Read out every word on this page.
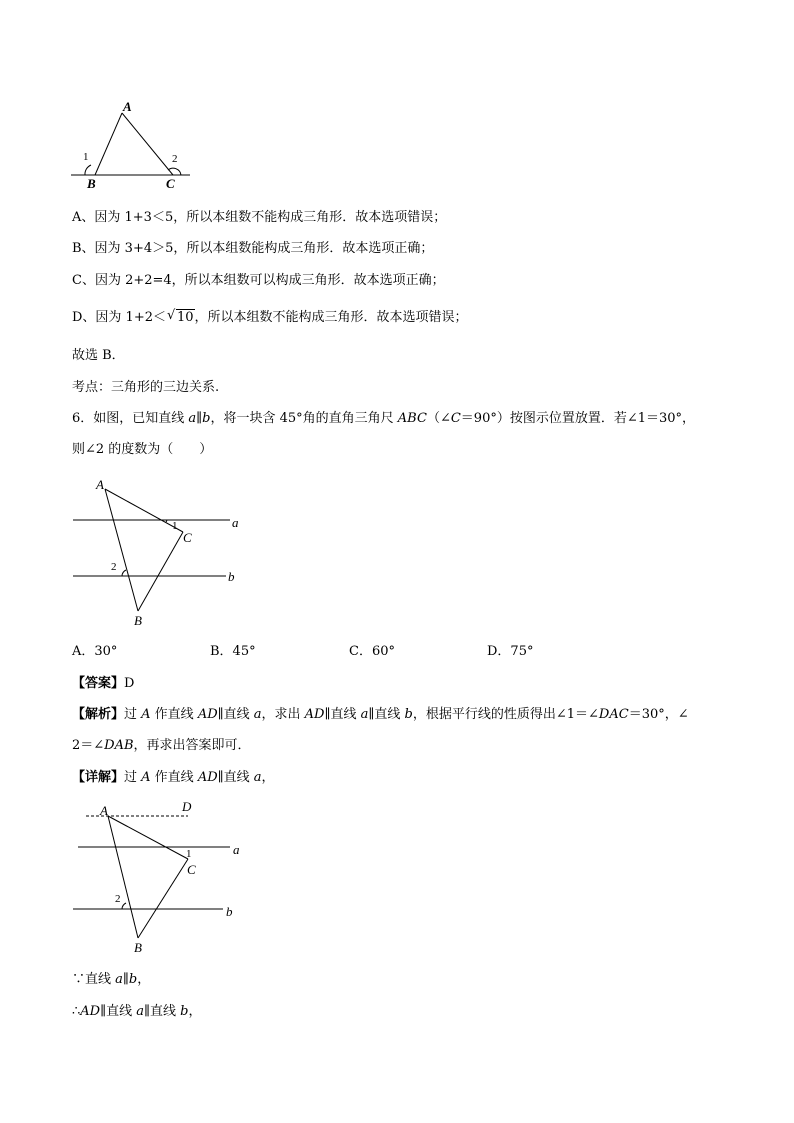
A
B	C
1	2
A、因为 1+3＜5，所以本组数不能构成三角形．故本选项错误；
B、因为 3+4＞5，所以本组数能构成三角形．故本选项正确；
C、因为 2+2=4，所以本组数可以构成三角形．故本选项正确；
D、因为 1+2＜ √ 10，所以本组数不能构成三角形．故本选项错误；
故选 B．
考点：三角形的三边关系.
6．如图，已知直线 a∥b，将一块含 45°角的直角三角尺 ABC（∠C＝90°）按图示位置放置．若∠1＝30°，
则∠2 的度数为（　　）
A
B
C
1
2
a
b
A．30°	B．45°	C．60°	D．75°
【答案】D
【解析】过 A 作直线 AD∥直线 a，求出 AD∥直线 a∥直线 b，根据平行线的性质得出∠1＝∠DAC＝30°，∠
2＝∠DAB，再求出答案即可．
【详解】过 A 作直线 AD∥直线 a，
A	D
B
C
1
2
a
b
∵直线 a∥b，
∴AD∥直线 a∥直线 b，
